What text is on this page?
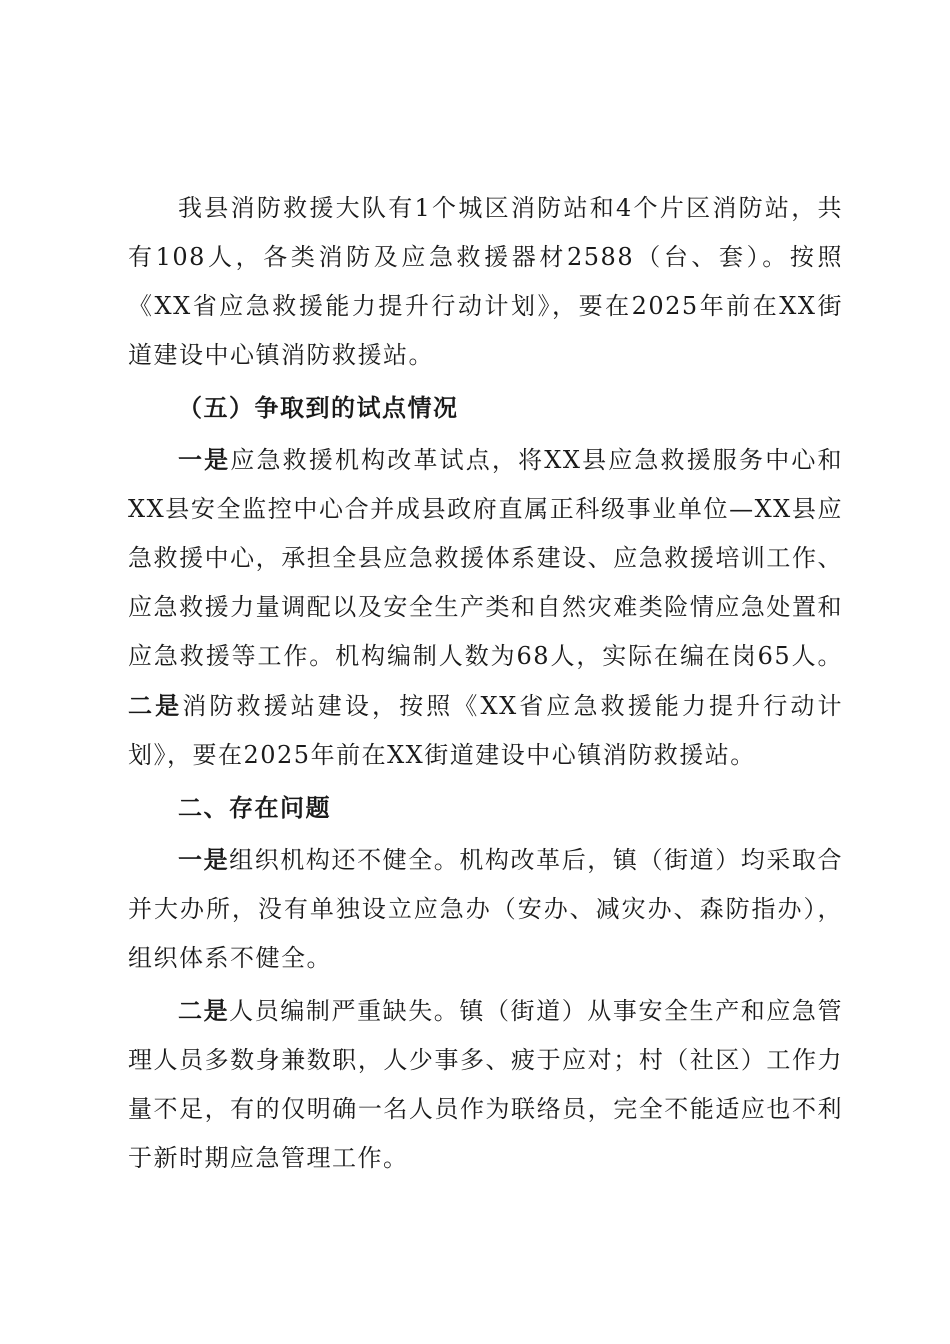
我县消防救援大队有1个城区消防站和4个片区消防站，共有108人，各类消防及应急救援器材2588（台、套）。按照《XX省应急救援能力提升行动计划》，要在2025年前在XX街道建设中心镇消防救援站。

（五）争取到的试点情况

一是应急救援机构改革试点，将XX县应急救援服务中心和XX县安全监控中心合并成县政府直属正科级事业单位—XX县应急救援中心，承担全县应急救援体系建设、应急救援培训工作、应急救援力量调配以及安全生产类和自然灾难类险情应急处置和应急救援等工作。机构编制人数为68人，实际在编在岗65人。二是消防救援站建设，按照《XX省应急救援能力提升行动计划》，要在2025年前在XX街道建设中心镇消防救援站。

二、存在问题

一是组织机构还不健全。机构改革后，镇（街道）均采取合并大办所，没有单独设立应急办（安办、减灾办、森防指办），组织体系不健全。

二是人员编制严重缺失。镇（街道）从事安全生产和应急管理人员多数身兼数职，人少事多、疲于应对；村（社区）工作力量不足，有的仅明确一名人员作为联络员，完全不能适应也不利于新时期应急管理工作。
